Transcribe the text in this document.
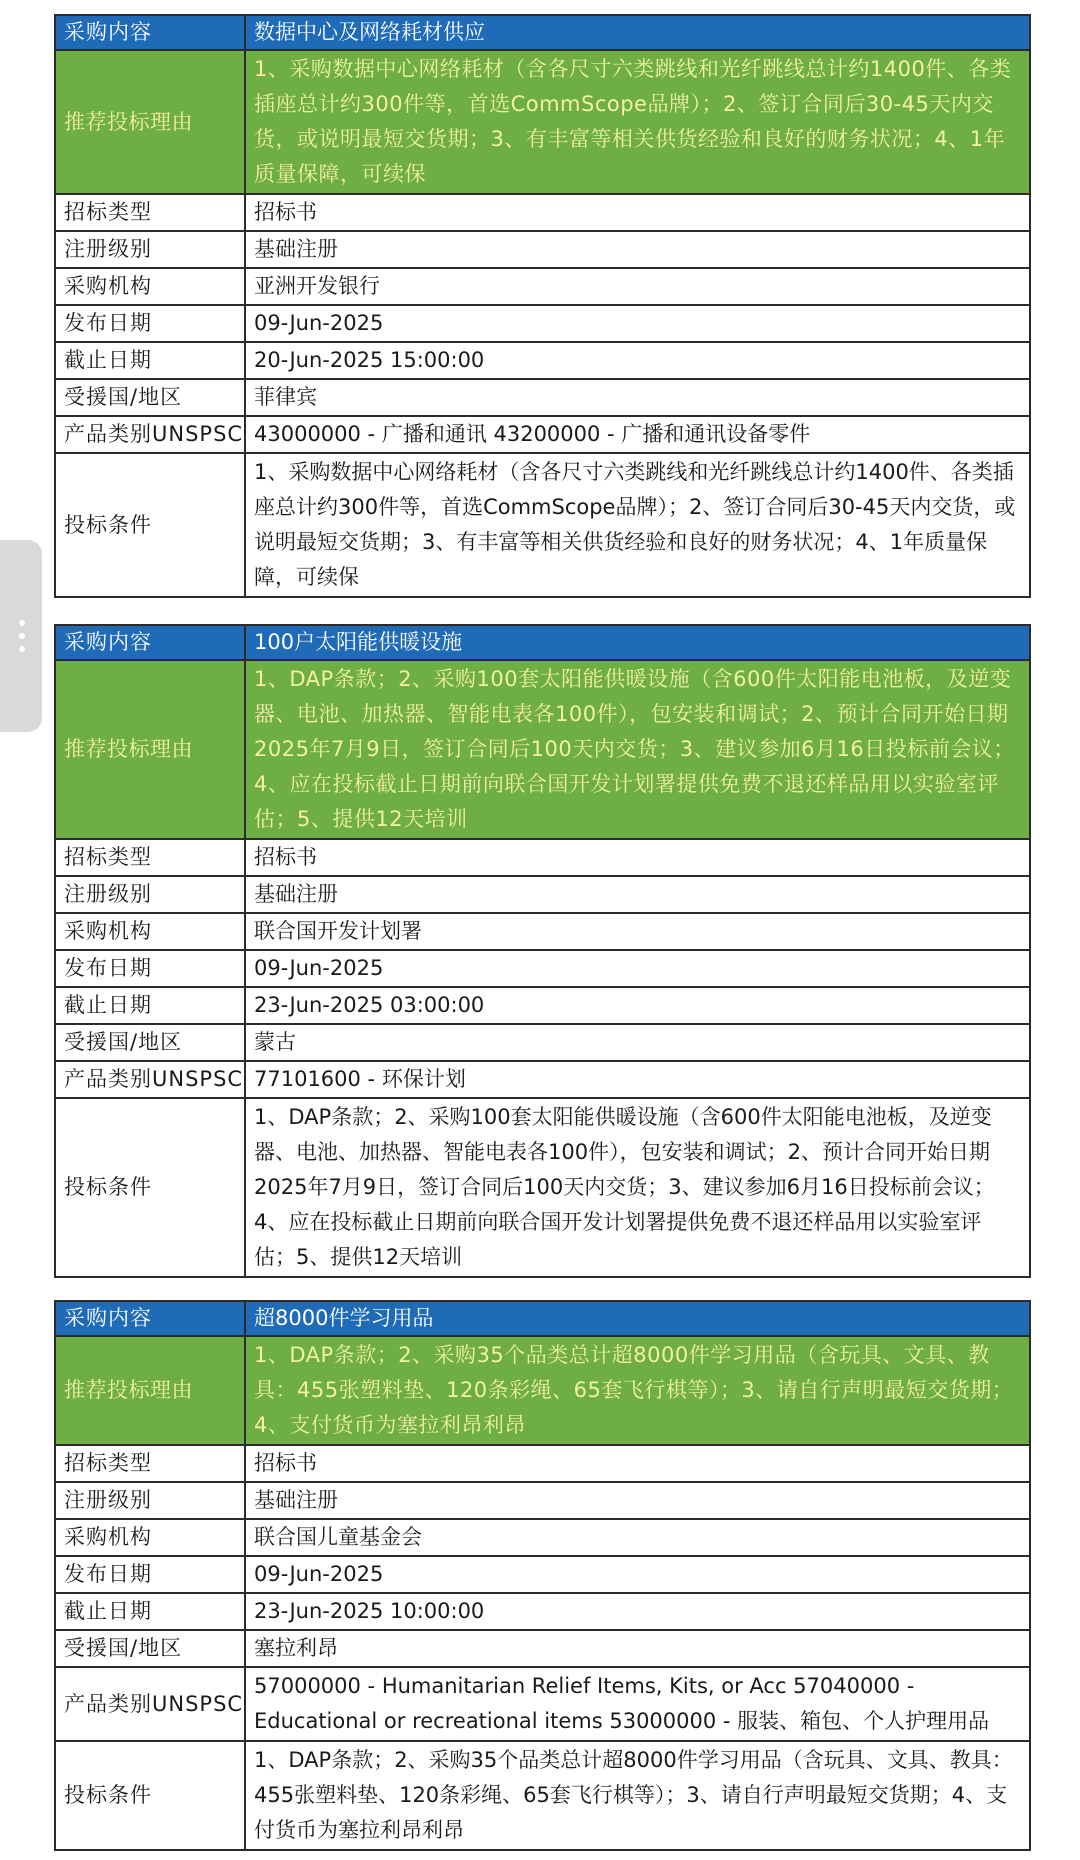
采购内容	数据中心及网络耗材供应
推荐投标理由	1、采购数据中心网络耗材（含各尺寸六类跳线和光纤跳线总计约1400件、各类插座总计约300件等，首选CommScope品牌）；2、签订合同后30-45天内交货，或说明最短交货期；3、有丰富等相关供货经验和良好的财务状况；4、1年质量保障，可续保
招标类型	招标书
注册级别	基础注册
采购机构	亚洲开发银行
发布日期	09-Jun-2025
截止日期	20-Jun-2025 15:00:00
受援国/地区	菲律宾
产品类别UNSPSC	43000000 - 广播和通讯 43200000 - 广播和通讯设备零件
投标条件	1、采购数据中心网络耗材（含各尺寸六类跳线和光纤跳线总计约1400件、各类插座总计约300件等，首选CommScope品牌）；2、签订合同后30-45天内交货，或说明最短交货期；3、有丰富等相关供货经验和良好的财务状况；4、1年质量保障，可续保
采购内容	100户太阳能供暖设施
推荐投标理由	1、DAP条款；2、采购100套太阳能供暖设施（含600件太阳能电池板，及逆变器、电池、加热器、智能电表各100件），包安装和调试；2、预计合同开始日期2025年7月9日，签订合同后100天内交货；3、建议参加6月16日投标前会议；4、应在投标截止日期前向联合国开发计划署提供免费不退还样品用以实验室评估；5、提供12天培训
招标类型	招标书
注册级别	基础注册
采购机构	联合国开发计划署
发布日期	09-Jun-2025
截止日期	23-Jun-2025 03:00:00
受援国/地区	蒙古
产品类别UNSPSC	77101600 - 环保计划
投标条件	1、DAP条款；2、采购100套太阳能供暖设施（含600件太阳能电池板，及逆变器、电池、加热器、智能电表各100件），包安装和调试；2、预计合同开始日期2025年7月9日，签订合同后100天内交货；3、建议参加6月16日投标前会议；4、应在投标截止日期前向联合国开发计划署提供免费不退还样品用以实验室评估；5、提供12天培训
采购内容	超8000件学习用品
推荐投标理由	1、DAP条款；2、采购35个品类总计超8000件学习用品（含玩具、文具、教具：455张塑料垫、120条彩绳、65套飞行棋等）；3、请自行声明最短交货期；4、支付货币为塞拉利昂利昂
招标类型	招标书
注册级别	基础注册
采购机构	联合国儿童基金会
发布日期	09-Jun-2025
截止日期	23-Jun-2025 10:00:00
受援国/地区	塞拉利昂
产品类别UNSPSC	57000000 - Humanitarian Relief Items, Kits, or Acc 57040000 - Educational or recreational items 53000000 - 服装、箱包、个人护理用品
投标条件	1、DAP条款；2、采购35个品类总计超8000件学习用品（含玩具、文具、教具：455张塑料垫、120条彩绳、65套飞行棋等）；3、请自行声明最短交货期；4、支付货币为塞拉利昂利昂
